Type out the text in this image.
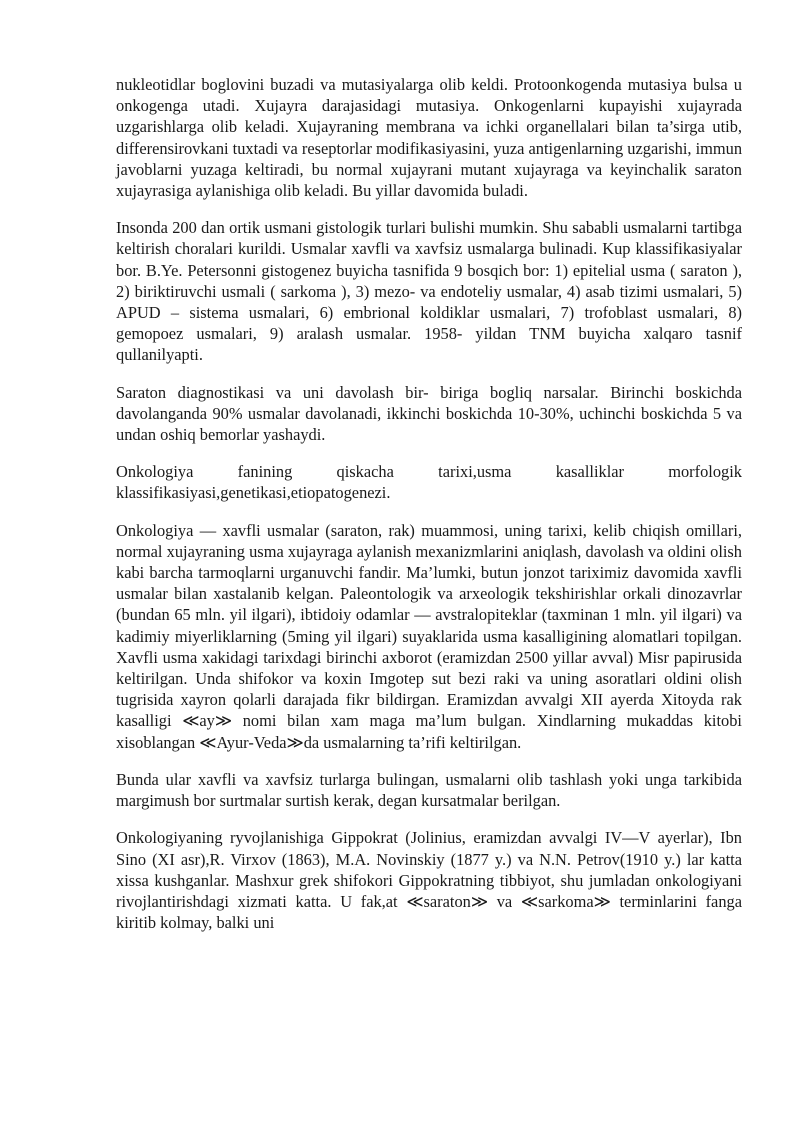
nukleotidlar boglovini buzadi va mutasiyalarga olib keldi. Protoonkogenda mutasiya bulsa u onkogenga utadi. Xujayra darajasidagi mutasiya. Onkogenlarni kupayishi xujayrada uzgarishlarga olib keladi. Xujayraning membrana va ichki organellalari bilan ta’sirga utib, differensirovkani tuxtadi va reseptorlar modifikasiyasini, yuza antigenlarning uzgarishi, immun javoblarni yuzaga keltiradi, bu normal xujayrani mutant xujayraga va keyinchalik saraton xujayrasiga aylanishiga olib keladi. Bu yillar davomida buladi.

Insonda 200 dan ortik usmani gistologik turlari bulishi mumkin. Shu sababli usmalarni tartibga keltirish choralari kurildi. Usmalar xavfli va xavfsiz usmalarga bulinadi. Kup klassifikasiyalar bor. B.Ye. Petersonni gistogenez buyicha tasnifida 9 bosqich bor: 1) epitelial usma ( saraton ), 2) biriktiruvchi usmali ( sarkoma ), 3) mezo- va endoteliy usmalar, 4) asab tizimi usmalari, 5) APUD – sistema usmalari, 6) embrional koldiklar usmalari, 7) trofoblast usmalari, 8) gemopoez usmalari, 9) aralash usmalar. 1958- yildan TNM buyicha xalqaro tasnif qullanilyapti.

Saraton diagnostikasi va uni davolash bir- biriga bogliq narsalar. Birinchi boskichda davolanganda 90% usmalar davolanadi, ikkinchi boskichda 10-30%, uchinchi boskichda 5 va undan oshiq bemorlar yashaydi.

Onkologiya fanining qiskacha tarixi,usma kasalliklar morfologik klassifikasiyasi,genetikasi,etiopatogenezi.

Onkologiya — xavfli usmalar (saraton, rak) muammosi, uning tarixi, kelib chiqish omillari, normal xujayraning usma xujayraga aylanish mexanizmlarini aniqlash, davolash va oldini olish kabi barcha tarmoqlarni urganuvchi fandir. Ma’lumki, butun jonzot tariximiz davomida xavfli usmalar bilan xastalanib kelgan. Paleontologik va arxeologik tekshirishlar orkali dinozavrlar (bundan 65 mln. yil ilgari), ibtidoiy odamlar — avstralopiteklar (taxminan 1 mln. yil ilgari) va kadimiy miyerliklarning (5ming yil ilgari) suyaklarida usma kasalligining alomatlari topilgan. Xavfli usma xakidagi tarixdagi birinchi axborot (eramizdan 2500 yillar avval) Misr papirusida keltirilgan. Unda shifokor va koxin Imgotep sut bezi raki va uning asoratlari oldini olish tugrisida xayron qolarli darajada fikr bildirgan. Eramizdan avvalgi XII ayerda Xitoyda rak kasalligi ≪ay≫ nomi bilan xam maga ma’lum bulgan. Xindlarning mukaddas kitobi xisoblangan ≪Ayur-Veda≫da usmalarning ta’rifi keltirilgan.

Bunda ular xavfli va xavfsiz turlarga bulingan, usmalarni olib tashlash yoki unga tarkibida margimush bor surtmalar surtish kerak, degan kursatmalar berilgan.

Onkologiyaning ryvojlanishiga Gippokrat (Jolinius, eramizdan avvalgi IV—V ayerlar), Ibn Sino (XI asr),R. Virxov (1863), M.A. Novinskiy (1877 y.) va N.N. Petrov(1910 y.) lar katta xissa kushganlar. Mashxur grek shifokori Gippokratning tibbiyot, shu jumladan onkologiyani rivojlantirishdagi xizmati katta. U fak,at ≪saraton≫ va ≪sarkoma≫ terminlarini fanga kiritib kolmay, balki uni
